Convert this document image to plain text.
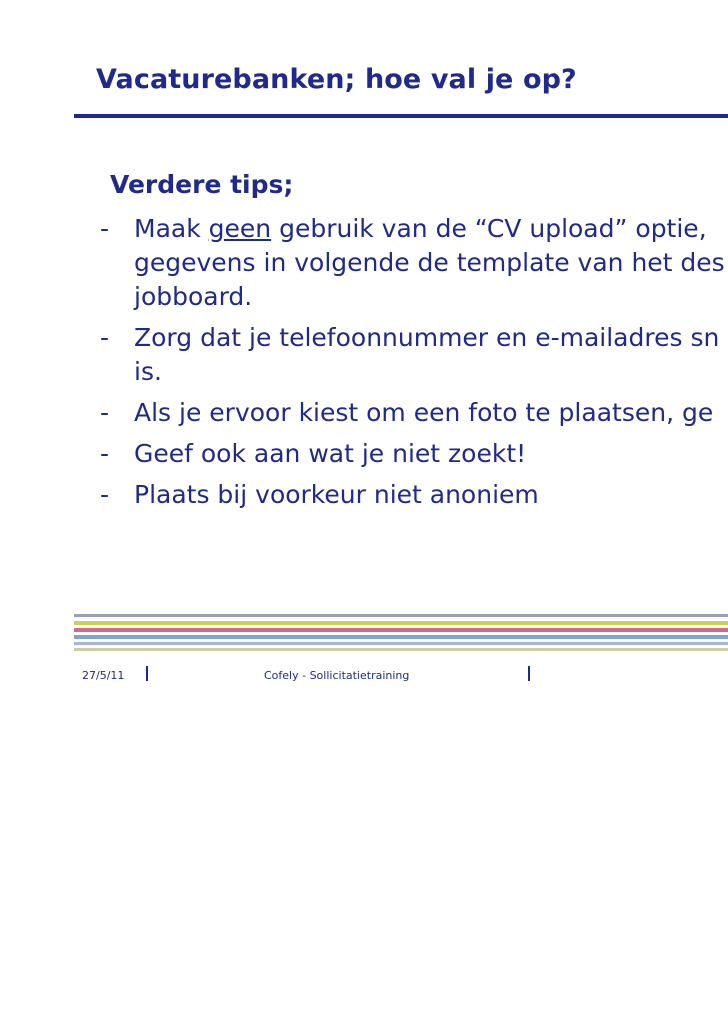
Vacaturebanken; hoe val je op?
Verdere tips;
- Maak geen gebruik van de “CV upload” optie,
gegevens in volgende de template van het des
jobboard.
- Zorg dat je telefoonnummer en e-mailadres sn
is.
- Als je ervoor kiest om een foto te plaatsen, ge
- Geef ook aan wat je niet zoekt!
- Plaats bij voorkeur niet anoniem
27/5/11	Cofely - Sollicitatietraining
